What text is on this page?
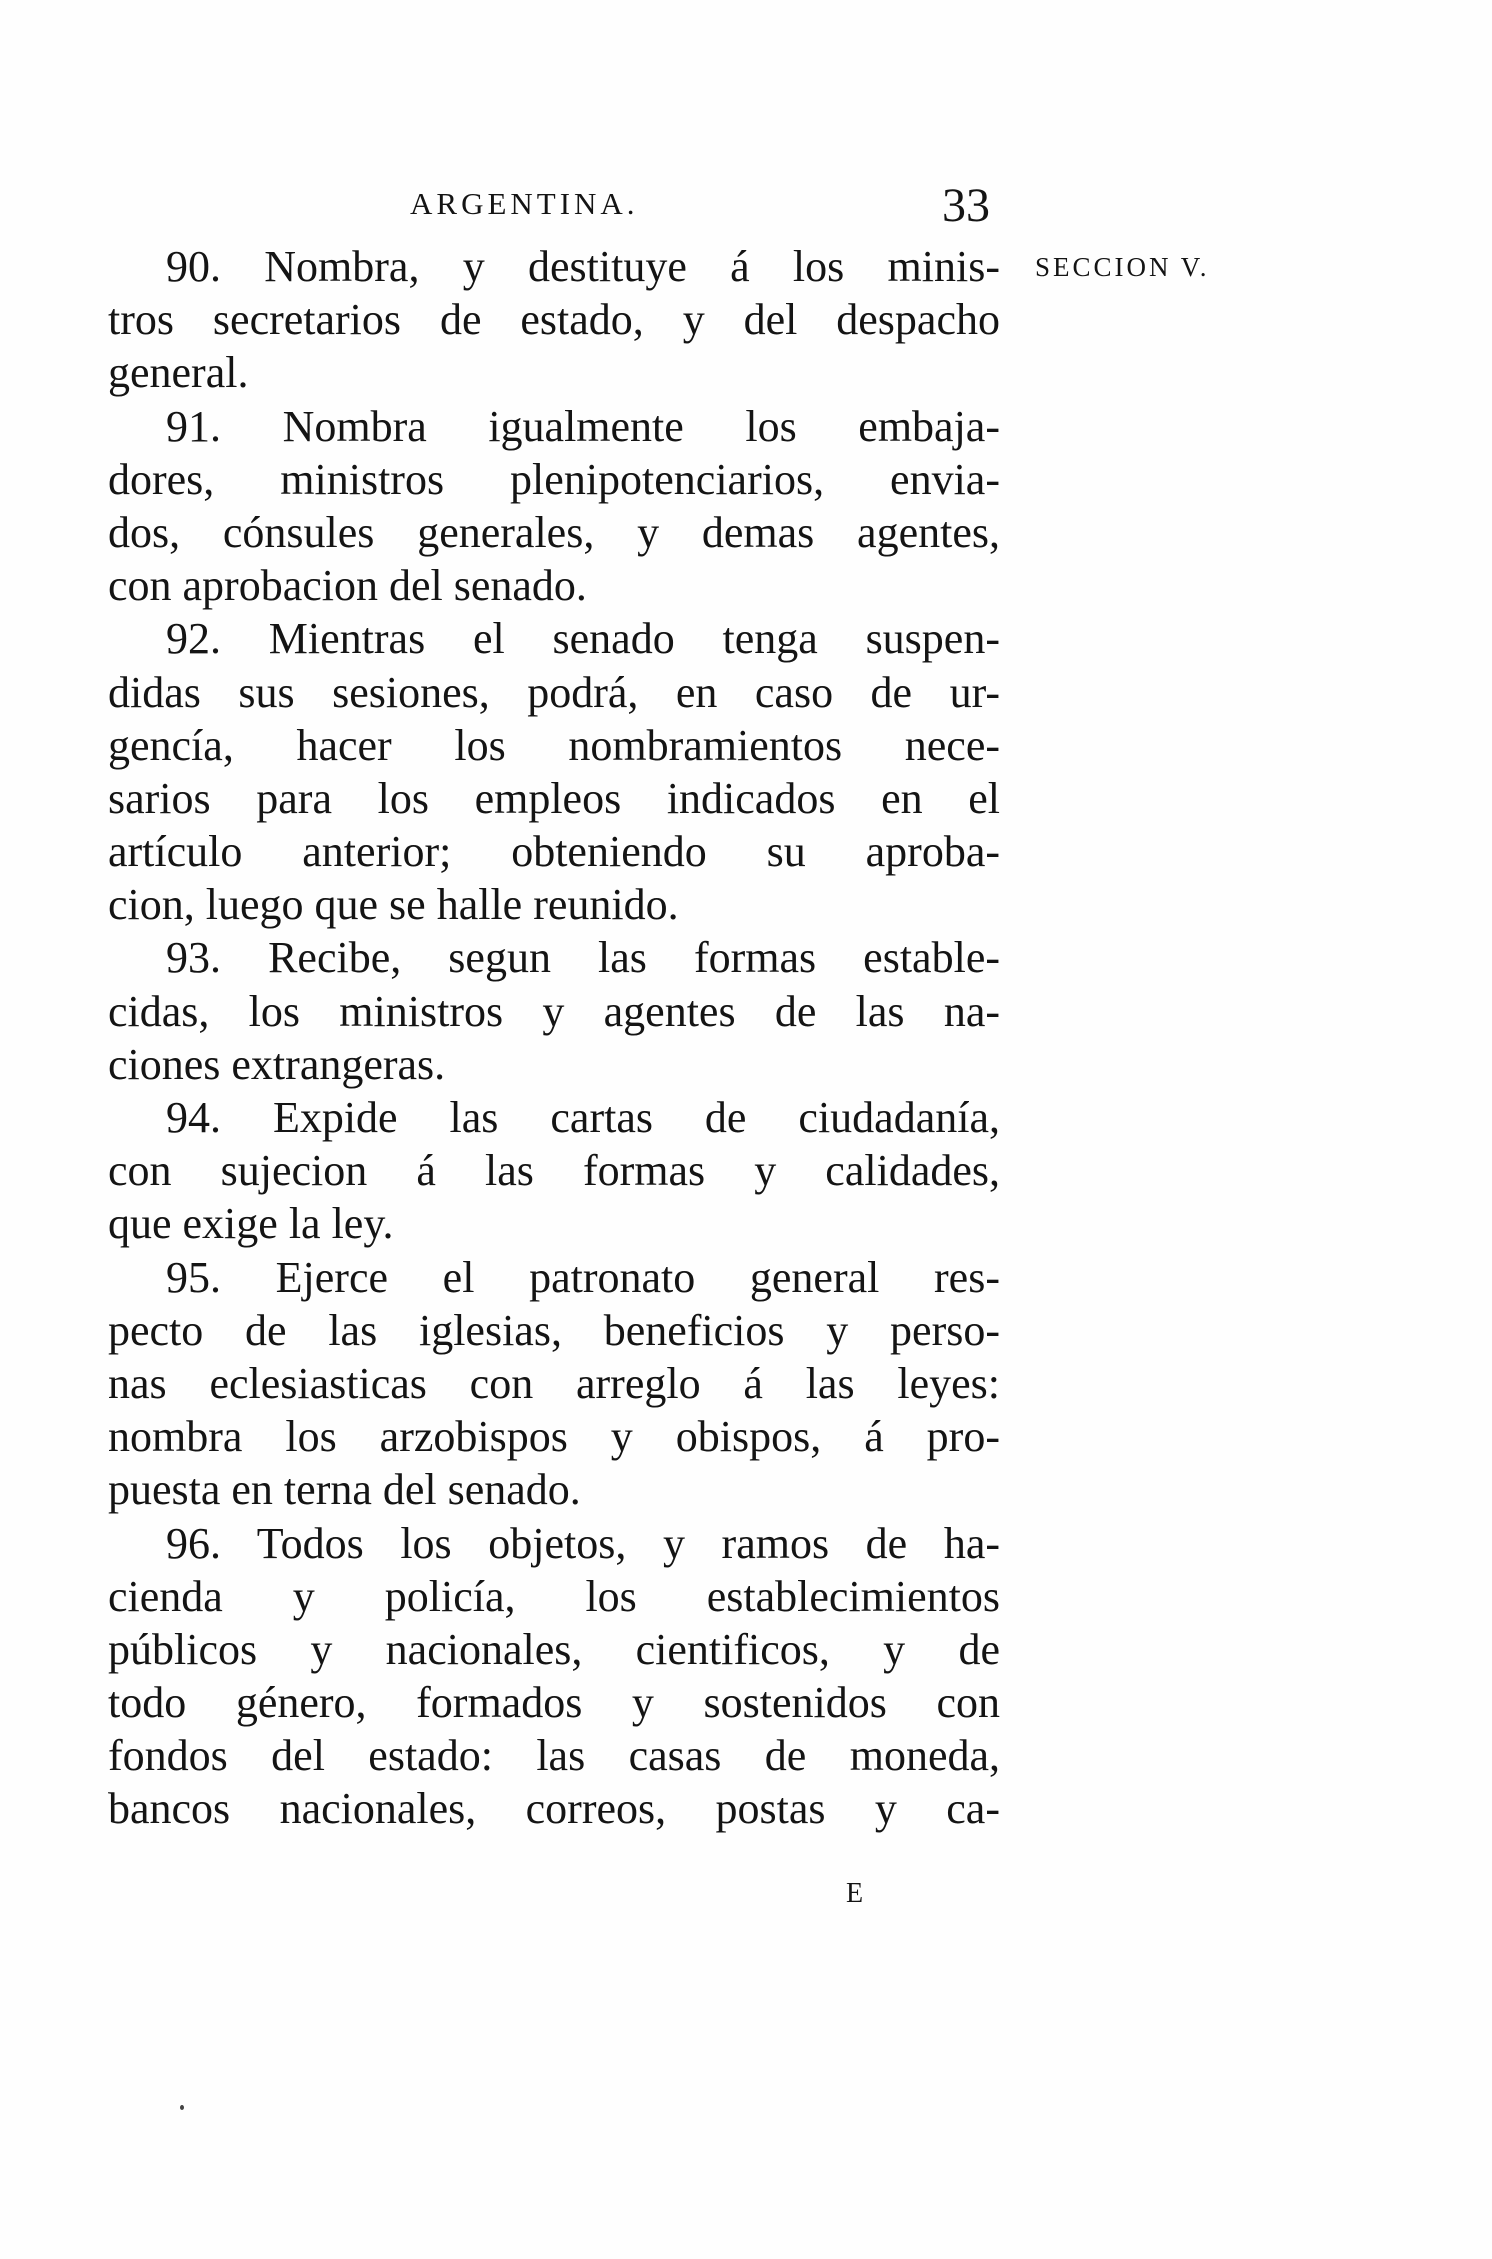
ARGENTINA.	33
SECCION V.
90. Nombra, y destituye á los minis-
tros secretarios de estado, y del despacho
general.
91. Nombra igualmente los embaja-
dores, ministros plenipotenciarios, envia-
dos, cónsules generales, y demas agentes,
con aprobacion del senado.
92. Mientras el senado tenga suspen-
didas sus sesiones, podrá, en caso de ur-
gencía, hacer los nombramientos nece-
sarios para los empleos indicados en el
artículo anterior; obteniendo su aproba-
cion, luego que se halle reunido.
93. Recibe, segun las formas estable-
cidas, los ministros y agentes de las na-
ciones extrangeras.
94. Expide las cartas de ciudadanía,
con sujecion á las formas y calidades,
que exige la ley.
95. Ejerce el patronato general res-
pecto de las iglesias, beneficios y perso-
nas eclesiasticas con arreglo á las leyes:
nombra los arzobispos y obispos, á pro-
puesta en terna del senado.
96. Todos los objetos, y ramos de ha-
cienda y policía, los establecimientos
públicos y nacionales, cientificos, y de
todo género, formados y sostenidos con
fondos del estado: las casas de moneda,
bancos nacionales, correos, postas y ca-
E
